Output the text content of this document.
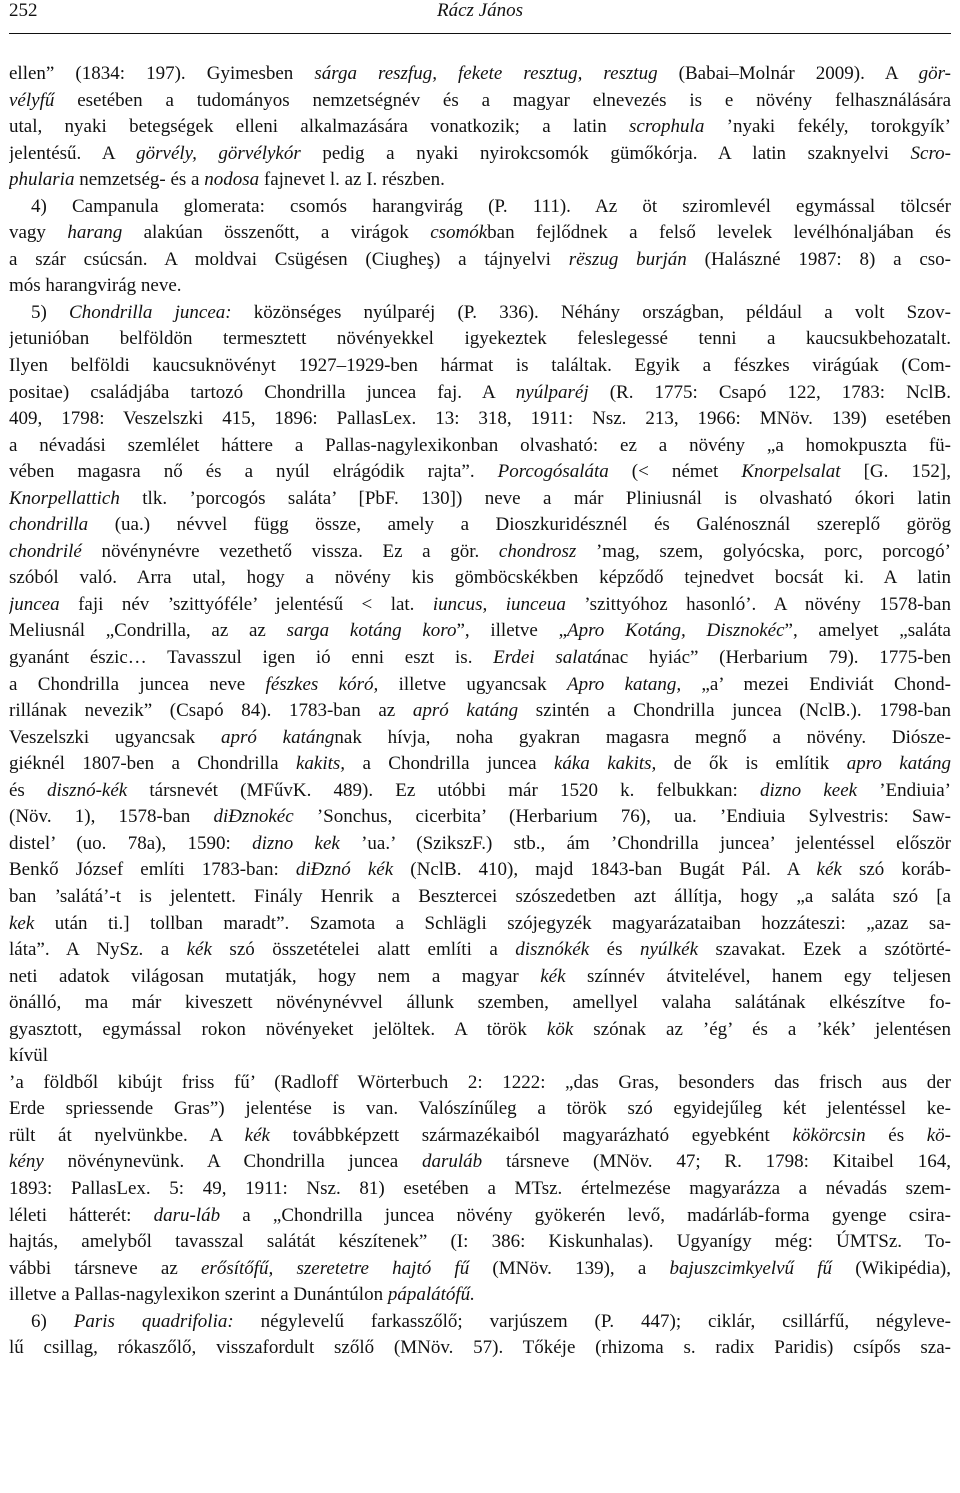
252	Rácz János
ellen” (1834: 197). Gyimesben sárga reszfug, fekete resztug, resztug (Babai–Molnár 2009). A gör-
vélyfű esetében a tudományos nemzetségnév és a magyar elnevezés is e növény felhasználására
utal, nyaki betegségek elleni alkalmazására vonatkozik; a latin scrophula ’nyaki fekély, torokgyík’
jelentésű. A görvély, görvélykór pedig a nyaki nyirokcsomók gümőkórja. A latin szaknyelvi Scro-
phularia nemzetség- és a nodosa fajnevet l. az I. részben.
4) Campanula glomerata: csomós harangvirág (P. 111). Az öt sziromlevél egymással tölcsér
vagy harang alakúan összenőtt, a virágok csomókban fejlődnek a felső levelek levélhónaljában és
a szár csúcsán. A moldvai Csügésen (Ciugheş) a tájnyelvi rëszug burján (Halászné 1987: 8) a cso-
mós harangvirág neve.
5) Chondrilla juncea: közönséges nyúlparéj (P. 336). Néhány országban, például a volt Szov-
jetunióban belföldön termesztett növényekkel igyekeztek feleslegessé tenni a kaucsukbehozatalt.
Ilyen belföldi kaucsuknövényt 1927–1929-ben hármat is találtak. Egyik a fészkes virágúak (Com-
positae) családjába tartozó Chondrilla juncea faj. A nyúlparéj (R. 1775: Csapó 122, 1783: NclB.
409, 1798: Veszelszki 415, 1896: PallasLex. 13: 318, 1911: Nsz. 213, 1966: MNöv. 139) esetében
a névadási szemlélet háttere a Pallas-nagylexikonban olvasható: ez a növény „a homokpuszta fü-
vében magasra nő és a nyúl elrágódik rajta”. Porcogósaláta (< német Knorpelsalat [G. 152],
Knorpellattich tlk. ’porcogós saláta’ [PbF. 130]) neve a már Pliniusnál is olvasható ókori latin
chondrilla (ua.) névvel függ össze, amely a Dioszkuridésznél és Galénosznál szereplő görög
chondrilé növénynévre vezethető vissza. Ez a gör. chondrosz ’mag, szem, golyócska, porc, porcogó’
szóból való. Arra utal, hogy a növény kis gömböcskékben képződő tejnedvet bocsát ki. A latin
juncea faji név ’szittyóféle’ jelentésű < lat. iuncus, iunceua ’szittyóhoz hasonló’. A növény 1578-ban
Meliusnál „Condrilla, az az sarga kotáng koro”, illetve „Apro Kotáng, Disznokéc”, amelyet „saláta
gyanánt észic… Tavasszul igen ió enni eszt is. Erdei salatánac hyiác” (Herbarium 79). 1775-ben
a Chondrilla juncea neve fészkes kóró, illetve ugyancsak Apro katang, „a’ mezei Endiviát Chond-
rillának nevezik” (Csapó 84). 1783-ban az apró katáng szintén a Chondrilla juncea (NclB.). 1798-ban
Veszelszki ugyancsak apró katángnak hívja, noha gyakran magasra megnő a növény. Diósze-
giéknél 1807-ben a Chondrilla kakits, a Chondrilla juncea káka kakits, de ők is említik apro katáng
és disznó-kék társnevét (MFűvK. 489). Ez utóbbi már 1520 k. felbukkan: dizno keek ’Endiuia’
(Növ. 1), 1578-ban diĐznokéc ’Sonchus, cicerbita’ (Herbarium 76), ua. ’Endiuia Sylvestris: Saw-
distel’ (uo. 78a), 1590: dizno kek ’ua.’ (SzikszF.) stb., ám ’Chondrilla juncea’ jelentéssel először
Benkő József említi 1783-ban: diĐznó kék (NclB. 410), majd 1843-ban Bugát Pál. A kék szó koráb-
ban ’salátá’-t is jelentett. Finály Henrik a Besztercei szószedetben azt állítja, hogy „a saláta szó [a
kek után ti.] tollban maradt”. Szamota a Schlägli szójegyzék magyarázataiban hozzáteszi: „azaz sa-
láta”. A NySz. a kék szó összetételei alatt említi a disznókék és nyúlkék szavakat. Ezek a szótörté-
neti adatok világosan mutatják, hogy nem a magyar kék színnév átvitelével, hanem egy teljesen
önálló, ma már kiveszett növénynévvel állunk szemben, amellyel valaha salátának elkészítve fo-
gyasztott, egymással rokon növényeket jelöltek. A török kök szónak az ’ég’ és a ’kék’ jelentésen
kívül
’a földből kibújt friss fű’ (Radloff Wörterbuch 2: 1222: „das Gras, besonders das frisch aus der
Erde spriessende Gras”) jelentése is van. Valószínűleg a török szó egyidejűleg két jelentéssel ke-
rült át nyelvünkbe. A kék továbbképzett származékaiból magyarázható egyebként kökörcsin és kö-
kény növénynevünk. A Chondrilla juncea daruláb társneve (MNöv. 47; R. 1798: Kitaibel 164,
1893: PallasLex. 5: 49, 1911: Nsz. 81) esetében a MTsz. értelmezése magyarázza a névadás szem-
léleti hátterét: daru-láb a „Chondrilla juncea növény gyökerén levő, madárláb-forma gyenge csira-
hajtás, amelyből tavasszal salátát készítenek” (I: 386: Kiskunhalas). Ugyanígy még: ÚMTSz. To-
vábbi társneve az erősítőfű, szeretetre hajtó fű (MNöv. 139), a bajuszcimkyelvű fű (Wikipédia),
illetve a Pallas-nagylexikon szerint a Dunántúlon pápalátófű.
6) Paris quadrifolia: négylevelű farkasszőlő; varjúszem (P. 447); ciklár, csillárfű, négyleve-
lű csillag, rókaszőlő, visszafordult szőlő (MNöv. 57). Tőkéje (rhizoma s. radix Paridis) csípős sza-
